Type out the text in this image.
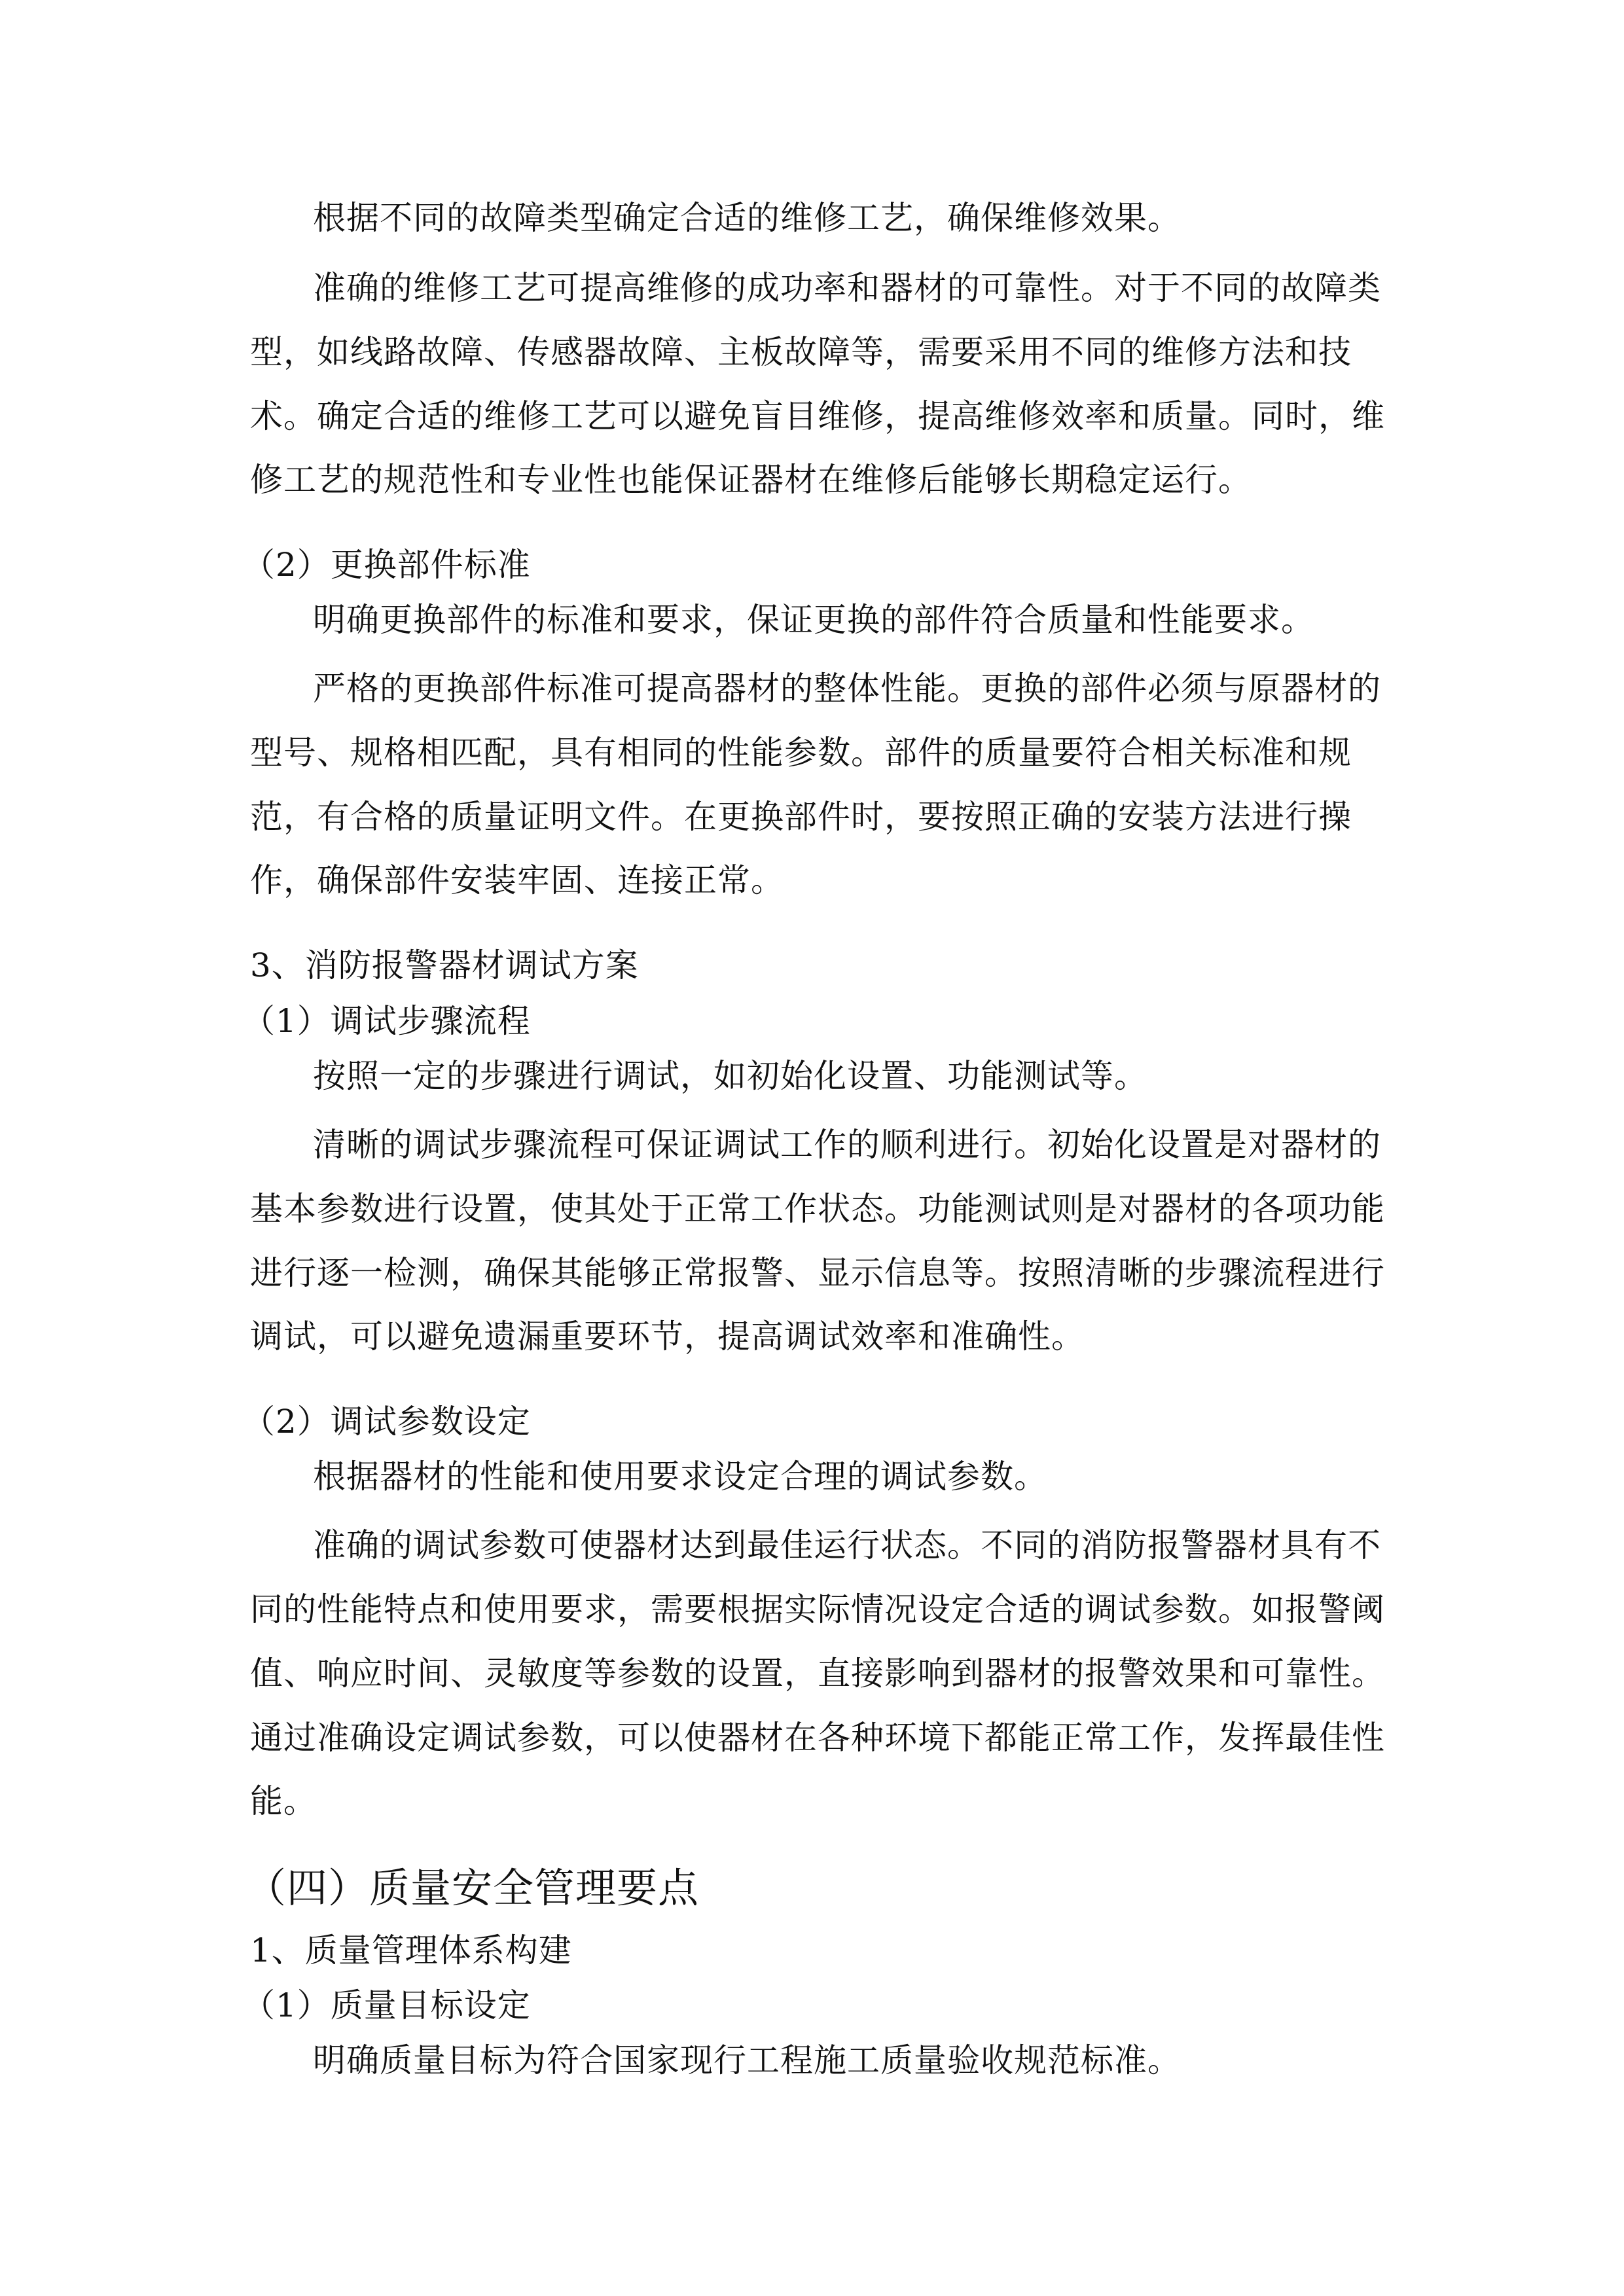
根据不同的故障类型确定合适的维修工艺，确保维修效果。
准确的维修工艺可提高维修的成功率和器材的可靠性。对于不同的故障类
型，如线路故障、传感器故障、主板故障等，需要采用不同的维修方法和技
术。确定合适的维修工艺可以避免盲目维修，提高维修效率和质量。同时，维
修工艺的规范性和专业性也能保证器材在维修后能够长期稳定运行。
（2）更换部件标准
明确更换部件的标准和要求，保证更换的部件符合质量和性能要求。
严格的更换部件标准可提高器材的整体性能。更换的部件必须与原器材的
型号、规格相匹配，具有相同的性能参数。部件的质量要符合相关标准和规
范，有合格的质量证明文件。在更换部件时，要按照正确的安装方法进行操
作，确保部件安装牢固、连接正常。
3、消防报警器材调试方案
（1）调试步骤流程
按照一定的步骤进行调试，如初始化设置、功能测试等。
清晰的调试步骤流程可保证调试工作的顺利进行。初始化设置是对器材的
基本参数进行设置，使其处于正常工作状态。功能测试则是对器材的各项功能
进行逐一检测，确保其能够正常报警、显示信息等。按照清晰的步骤流程进行
调试，可以避免遗漏重要环节，提高调试效率和准确性。
（2）调试参数设定
根据器材的性能和使用要求设定合理的调试参数。
准确的调试参数可使器材达到最佳运行状态。不同的消防报警器材具有不
同的性能特点和使用要求，需要根据实际情况设定合适的调试参数。如报警阈
值、响应时间、灵敏度等参数的设置，直接影响到器材的报警效果和可靠性。
通过准确设定调试参数，可以使器材在各种环境下都能正常工作，发挥最佳性
能。
（四）质量安全管理要点
1、质量管理体系构建
（1）质量目标设定
明确质量目标为符合国家现行工程施工质量验收规范标准。
